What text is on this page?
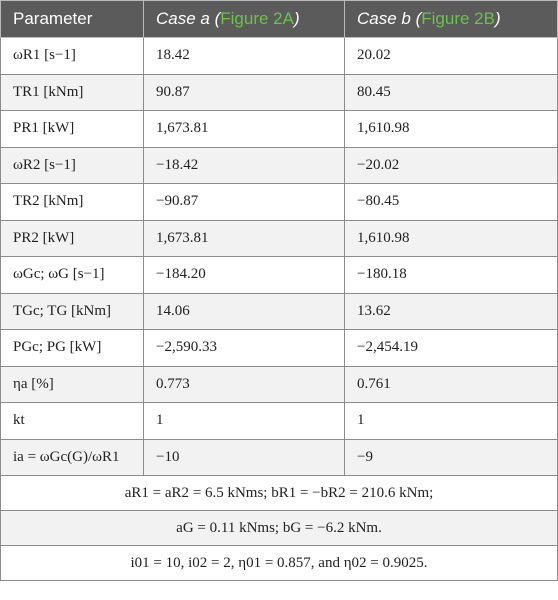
Parameter	Case a (Figure 2A)	Case b (Figure 2B)
ωR1 [s−1]	18.42	20.02
TR1 [kNm]	90.87	80.45
PR1 [kW]	1,673.81	1,610.98
ωR2 [s−1]	−18.42	−20.02
TR2 [kNm]	−90.87	−80.45
PR2 [kW]	1,673.81	1,610.98
ωGc; ωG [s−1]	−184.20	−180.18
TGc; TG [kNm]	14.06	13.62
PGc; PG [kW]	−2,590.33	−2,454.19
ηa [%]	0.773	0.761
kt	1	1
ia = ωGc(G)/ωR1	−10	−9
aR1 = aR2 = 6.5 kNms; bR1 = −bR2 = 210.6 kNm;		
aG = 0.11 kNms; bG = −6.2 kNm.		
i01 = 10, i02 = 2, η01 = 0.857, and η02 = 0.9025.		
